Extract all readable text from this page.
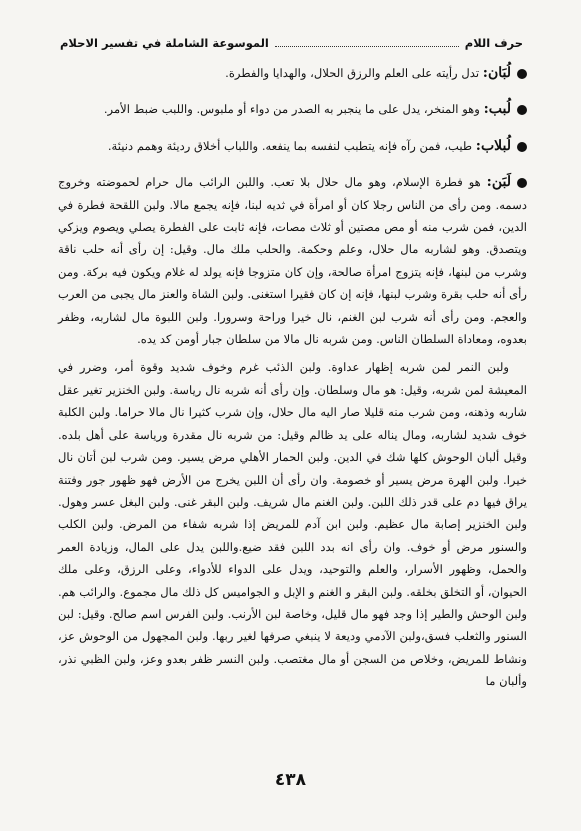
حرف اللام
الموسوعة الشاملة في تفسير الاحلام
لُبَان: تدل رأيته على العلم والرزق الحلال، والهدايا والفطرة.
لُبب: وهو المنخر، يدل على ما ينجبر به الصدر من دواء أو ملبوس. واللبب ضبط الأمر.
لُبلاب: طيب، فمن رآه فإنه يتطبب لنفسه بما ينفعه. واللباب أخلاق رديئة وهمم دنيئة.
لَبَن: هو فطرة الإسلام، وهو مال حلال بلا تعب. واللبن الرائب مال حرام لحموضته وخروج دسمه. ومن رأى من الناس رجلا كان أو امرأة في ثديه لبنا، فإنه يجمع مالا. ولبن اللقحة فطرة في الدين، فمن شرب منه أو مص مصتين أو ثلاث مصات، فإنه ثابت على الفطرة يصلي ويصوم ويزكي ويتصدق. وهو لشاربه مال حلال، وعلم وحكمة. والحلب ملك مال. وقيل: إن رأى أنه حلب ناقة وشرب من لبنها، فإنه يتزوج امرأة صالحة، وإن كان متزوجا فإنه يولد له غلام ويكون فيه بركة. ومن رأى أنه حلب بقرة وشرب لبنها، فإنه إن كان فقيرا استغنى. ولبن الشاة والعنز مال يجبى من العرب والعجم. ومن رأى أنه شرب لبن الغنم، نال خيرا وراحة وسرورا. ولبن اللبوة مال لشاربه، وظفر بعدوه، ومعاداة السلطان الناس. ومن شربه نال مالا من سلطان جبار أومن كد يده.

ولبن النمر لمن شربه إظهار عداوة. ولبن الذئب غرم وخوف شديد وقوة أمر، وضرر في المعيشة لمن شربه، وقيل: هو مال وسلطان. وإن رأى أنه شربه نال رياسة. ولبن الخنزير تغير عقل شاربه وذهنه، ومن شرب منه قليلا صار اليه مال حلال، وإن شرب كثيرا نال مالا حراما. ولبن الكلبة خوف شديد لشاربه، ومال يناله على يد ظالم وقيل: من شربه نال مقدرة ورياسة على أهل بلده. وقيل ألبان الوحوش كلها شك في الدين. ولبن الحمار الأهلي مرض يسير. ومن شرب لبن أتان نال خيرا. ولبن الهرة مرض يسير أو خصومة. وان رأى أن اللبن يخرج من الأرض فهو ظهور جور وفتنة يراق فيها دم على قدر ذلك اللبن. ولبن الغنم مال شريف. ولبن البقر غنى. ولبن البغل عسر وهول. ولبن الخنزير إصابة مال عظيم. ولبن ابن آدم للمريض إذا شربه شفاء من المرض. ولبن الكلب والسنور مرض أو خوف. وان رأى انه بدد اللبن فقد ضيع.واللبن يدل على المال، وزيادة العمر والحمل، وظهور الأسرار، والعلم والتوحيد، ويدل على الدواء للأدواء، وعلى الرزق، وعلى ملك الحيوان، أو التخلق بخلقه. ولبن البقر و الغنم و الإبل و الجواميس كل ذلك مال مجموع. والرائب هم. ولبن الوحش والطير إذا وجد فهو مال قليل، وخاصة لبن الأرنب. ولبن الفرس اسم صالح. وقيل: لبن السنور والثعلب فسق،ولبن الآدمي وديعة لا ينبغي صرفها لغير ربها. ولبن المجهول من الوحوش عز، ونشاط للمريض، وخلاص من السجن أو مال مغتصب. ولبن النسر ظفر بعدو وعز، ولبن الظبي نذر، وألبان ما

٤٣٨
